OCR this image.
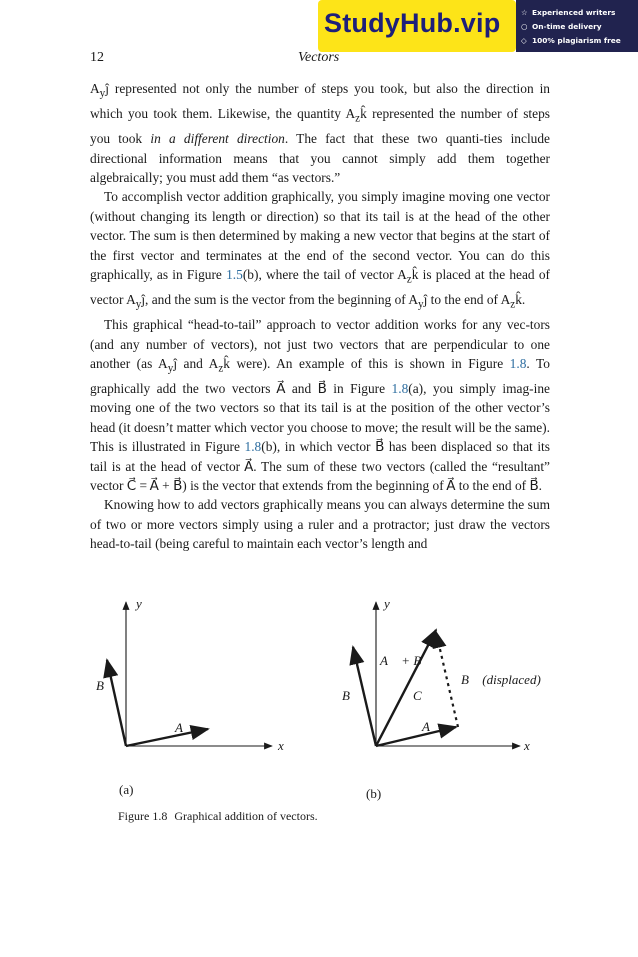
StudyHub.vip	☆ Experienced writers
○ On-time delivery
◇ 100% plagiarism free
12	Vectors

$A_yĵ$ represented not only the number of steps you took, but also the direction in which you took them. Likewise, the quantity $A_zk̂$ represented the number of steps you took in a different direction. The fact that these two quanti-ties include directional information means that you cannot simply add them together algebraically; you must add them “as vectors.”

To accomplish vector addition graphically, you simply imagine moving one vector (without changing its length or direction) so that its tail is at the head of the other vector. The sum is then determined by making a new vector that begins at the start of the first vector and terminates at the end of the second vector. You can do this graphically, as in Figure 1.5(b), where the tail of vector $A_zk̂$ is placed at the head of vector $A_yĵ$, and the sum is the vector from the beginning of $A_yĵ$ to the end of $A_zk̂$.

This graphical “head-to-tail” approach to vector addition works for any vec-tors (and any number of vectors), not just two vectors that are perpendicular to one another (as $A_yĵ$ and $A_zk̂$ were). An example of this is shown in Figure 1.8. To graphically add the two vectors A⃗ and B⃗ in Figure 1.8(a), you simply imag-ine moving one of the two vectors so that its tail is at the position of the other vector’s head (it doesn’t matter which vector you choose to move; the result will be the same). This is illustrated in Figure 1.8(b), in which vector B⃗ has been displaced so that its tail is at the head of vector A⃗. The sum of these two vectors (called the “resultant” vector C⃗ = A⃗ + B⃗) is the vector that extends from the beginning of A⃗ to the end of B⃗.

Knowing how to add vectors graphically means you can always determine the sum of two or more vectors simply using a ruler and a protractor; just draw the vectors head-to-tail (being careful to maintain each vector’s length and

y
x
B⃗
A⃗
y
x
B⃗	C⃗
A⃗
A⃗ + B⃗
B⃗ (displaced)
(a)	(b)
Figure 1.8 Graphical addition of vectors.
